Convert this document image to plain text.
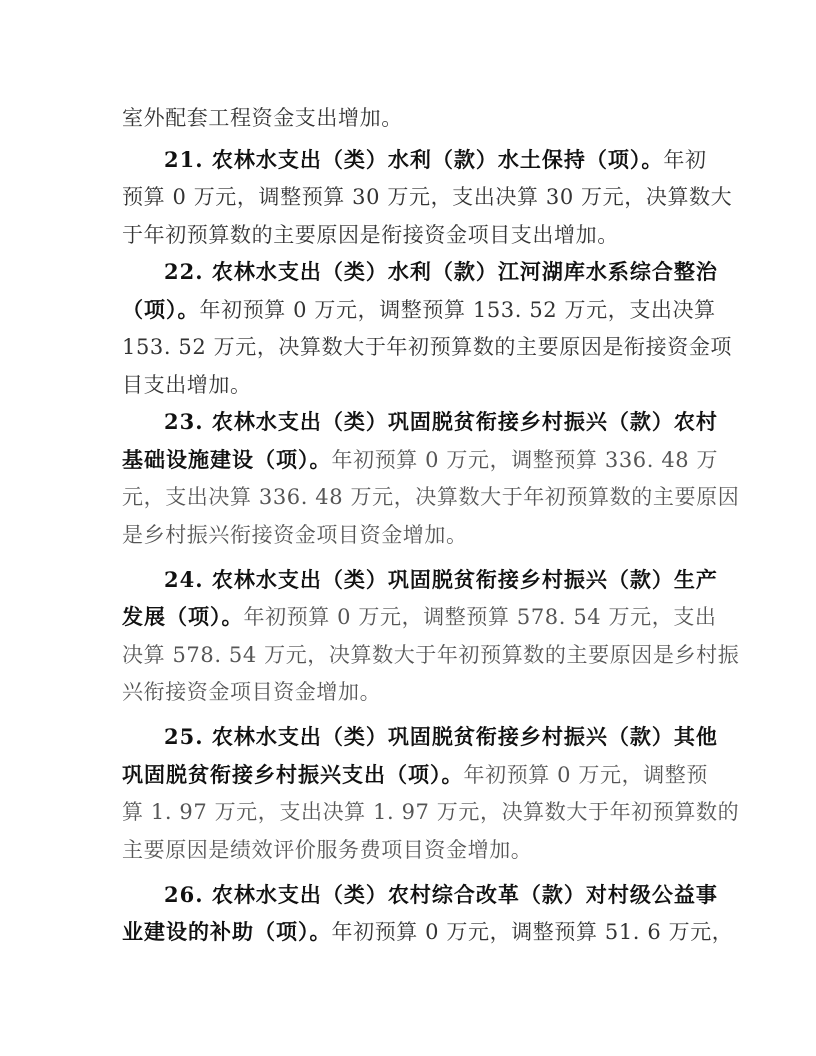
室外配套工程资金支出增加。
21. 农林水支出（类）水利（款）水土保持（项）。年初
预算 0 万元，调整预算 30 万元，支出决算 30 万元，决算数大
于年初预算数的主要原因是衔接资金项目支出增加。
22. 农林水支出（类）水利（款）江河湖库水系综合整治
（项）。年初预算 0 万元，调整预算 153. 52 万元，支出决算
153. 52 万元，决算数大于年初预算数的主要原因是衔接资金项
目支出增加。
23. 农林水支出（类）巩固脱贫衔接乡村振兴（款）农村
基础设施建设（项）。年初预算 0 万元，调整预算 336. 48 万
元，支出决算 336. 48 万元，决算数大于年初预算数的主要原因
是乡村振兴衔接资金项目资金增加。
24. 农林水支出（类）巩固脱贫衔接乡村振兴（款）生产
发展（项）。年初预算 0 万元，调整预算 578. 54 万元，支出
决算 578. 54 万元，决算数大于年初预算数的主要原因是乡村振
兴衔接资金项目资金增加。
25. 农林水支出（类）巩固脱贫衔接乡村振兴（款）其他
巩固脱贫衔接乡村振兴支出（项）。年初预算 0 万元，调整预
算 1. 97 万元，支出决算 1. 97 万元，决算数大于年初预算数的
主要原因是绩效评价服务费项目资金增加。
26. 农林水支出（类）农村综合改革（款）对村级公益事
业建设的补助（项）。年初预算 0 万元，调整预算 51. 6 万元，
